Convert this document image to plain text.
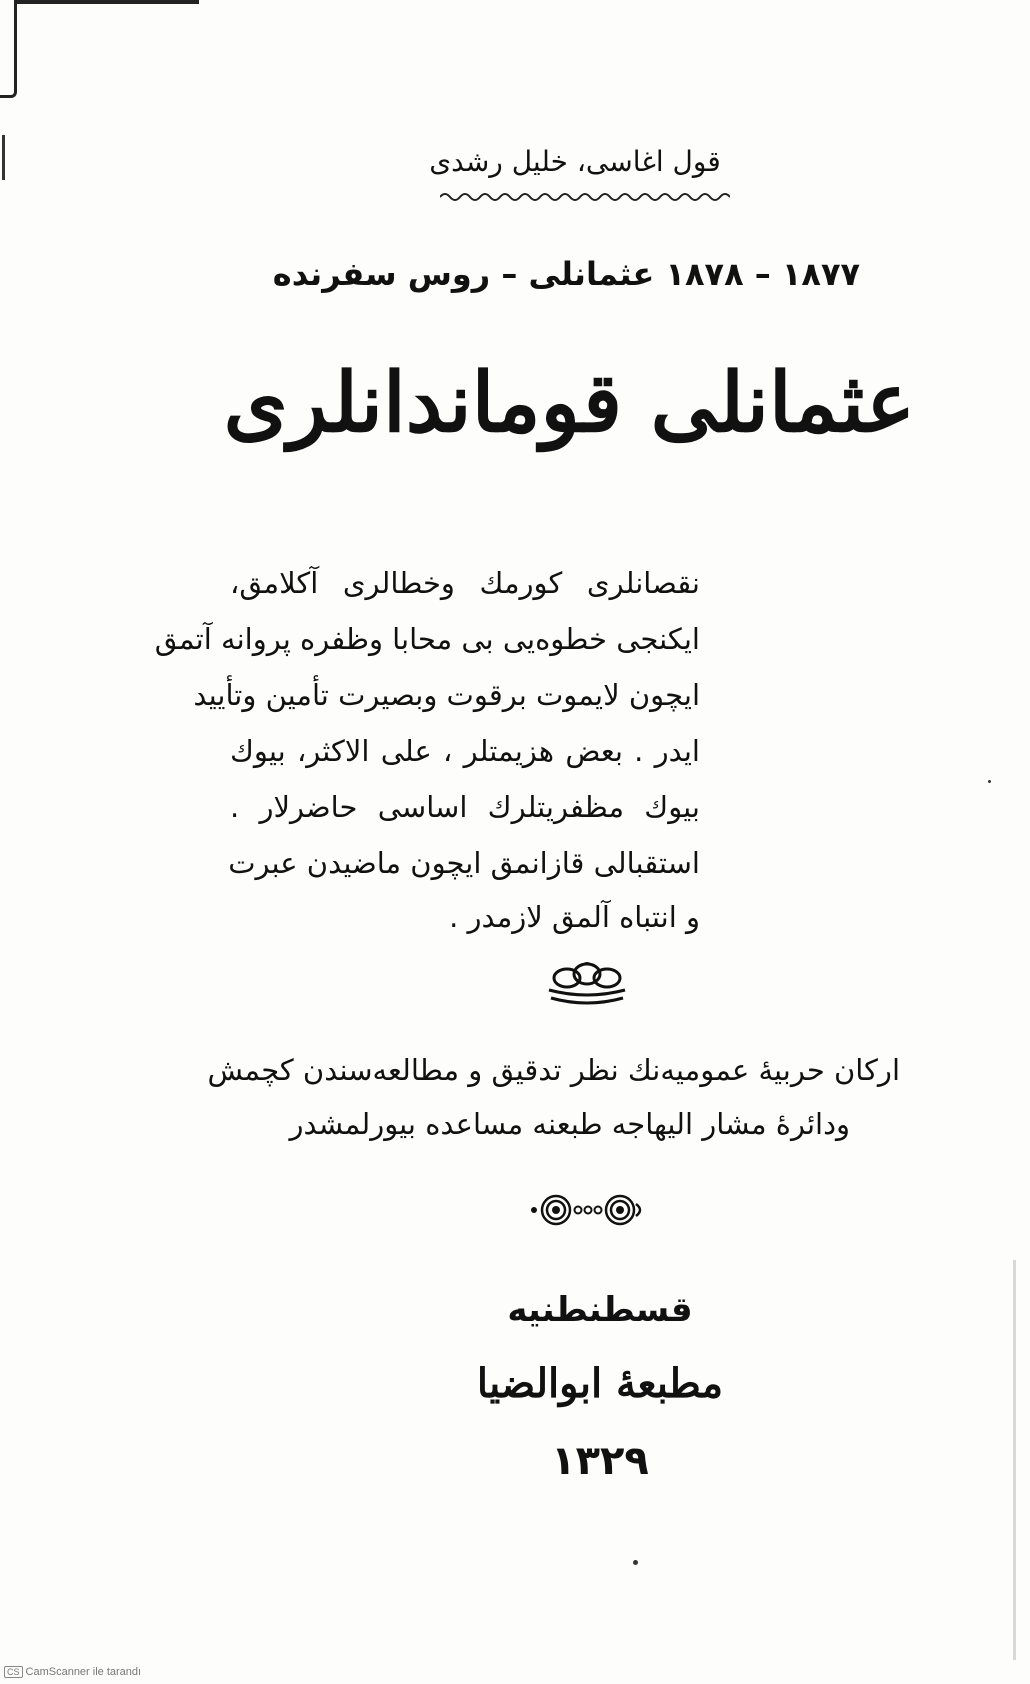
قول اغاسى، خليل رشدى
١٨٧٧ – ١٨٧٨ عثمانلى – روس سفرنده
عثمانلى قوماندانلرى
نقصانلرى كورمك وخطالرى آكلامق،
ايكنجى خطوه‌يى بى محابا وظفره پروانه آتمق
ايچون لايموت برقوت وبصيرت تأمين وتأييد
ايدر . بعض هزيمتلر ، على الاكثر، بيوك
بيوك مظفريتلرك اساسى حاضرلار .
استقبالى قازانمق ايچون ماضيدن عبرت
و انتباه آلمق لازمدر .
اركان حربيهٔ عموميه‌نك نظر تدقيق و مطالعه‌سندن كچمش
ودائرهٔ مشار اليهاجه طبعنه مساعده بيورلمشدر
قسطنطنيه
مطبعهٔ ابوالضيا
١٣٢٩
CS CamScanner ile tarandı
